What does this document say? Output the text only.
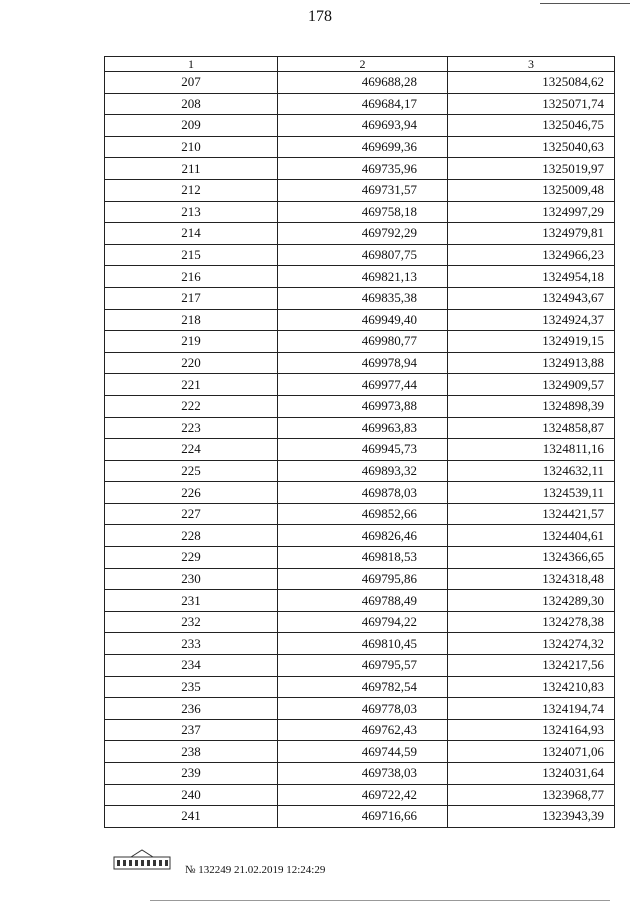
178
1	2	3
207	469688,28	1325084,62
208	469684,17	1325071,74
209	469693,94	1325046,75
210	469699,36	1325040,63
211	469735,96	1325019,97
212	469731,57	1325009,48
213	469758,18	1324997,29
214	469792,29	1324979,81
215	469807,75	1324966,23
216	469821,13	1324954,18
217	469835,38	1324943,67
218	469949,40	1324924,37
219	469980,77	1324919,15
220	469978,94	1324913,88
221	469977,44	1324909,57
222	469973,88	1324898,39
223	469963,83	1324858,87
224	469945,73	1324811,16
225	469893,32	1324632,11
226	469878,03	1324539,11
227	469852,66	1324421,57
228	469826,46	1324404,61
229	469818,53	1324366,65
230	469795,86	1324318,48
231	469788,49	1324289,30
232	469794,22	1324278,38
233	469810,45	1324274,32
234	469795,57	1324217,56
235	469782,54	1324210,83
236	469778,03	1324194,74
237	469762,43	1324164,93
238	469744,59	1324071,06
239	469738,03	1324031,64
240	469722,42	1323968,77
241	469716,66	1323943,39
№ 132249 21.02.2019 12:24:29
